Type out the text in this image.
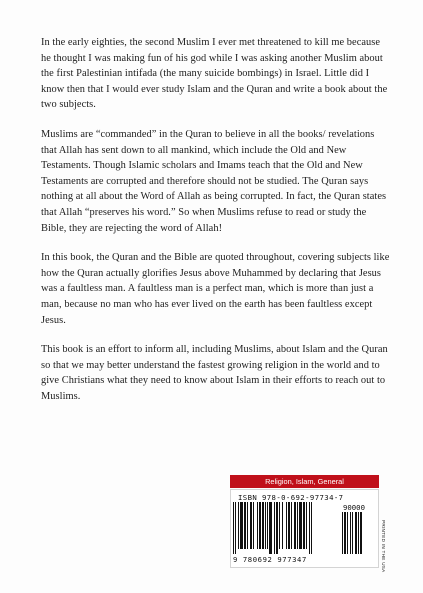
In the early eighties, the second Muslim I ever met threatened to kill me because he thought I was making fun of his god while I was asking another Muslim about the first Palestinian intifada (the many suicide bombings) in Israel. Little did I know then that I would ever study Islam and the Quran and write a book about the two subjects.

Muslims are “commanded” in the Quran to believe in all the books/ revelations that Allah has sent down to all mankind, which include the Old and New Testaments. Though Islamic scholars and Imams teach that the Old and New Testaments are corrupted and therefore should not be studied. The Quran says nothing at all about the Word of Allah as being corrupted. In fact, the Quran states that Allah “preserves his word.” So when Muslims refuse to read or study the Bible, they are rejecting the word of Allah!

In this book, the Quran and the Bible are quoted throughout, covering subjects like how the Quran actually glorifies Jesus above Muhammed by declaring that Jesus was a faultless man. A faultless man is a perfect man, which is more than just a man, because no man who has ever lived on the earth has been faultless except Jesus.

This book is an effort to inform all, including Muslims, about Islam and the Quran so that we may better understand the fastest growing religion in the world and to give Christians what they need to know about Islam in their efforts to reach out to Muslims.

Religion, Islam, General
ISBN 978-0-692-97734-7
90000
9 780692 977347	PRINTED IN THE USA
